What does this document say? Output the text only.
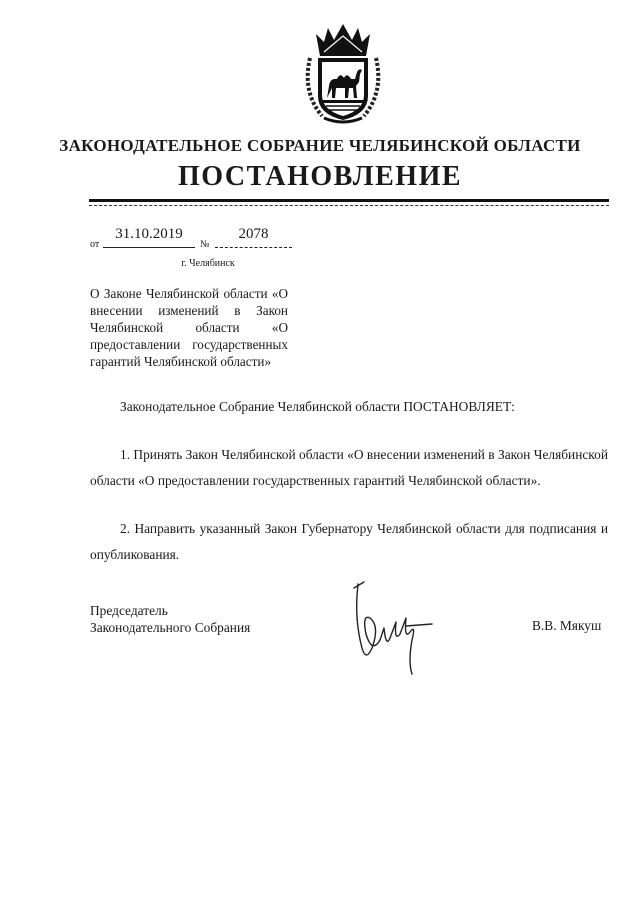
ЗАКОНОДАТЕЛЬНОЕ СОБРАНИЕ ЧЕЛЯБИНСКОЙ ОБЛАСТИ
ПОСТАНОВЛЕНИЕ
от
31.10.2019
№
2078
г. Челябинск
О Законе Челябинской области «О внесении изменений в Закон Челябинской области «О предоставлении государственных гарантий Челябинской области»

Законодательное Собрание Челябинской области ПОСТАНОВЛЯЕТ:

1. Принять Закон Челябинской области «О внесении изменений в Закон Челябинской области «О предоставлении государственных гарантий Челябинской области».

2. Направить указанный Закон Губернатору Челябинской области для подписания и опубликования.

Председатель
Законодательного Собрания	В.В. Мякуш
